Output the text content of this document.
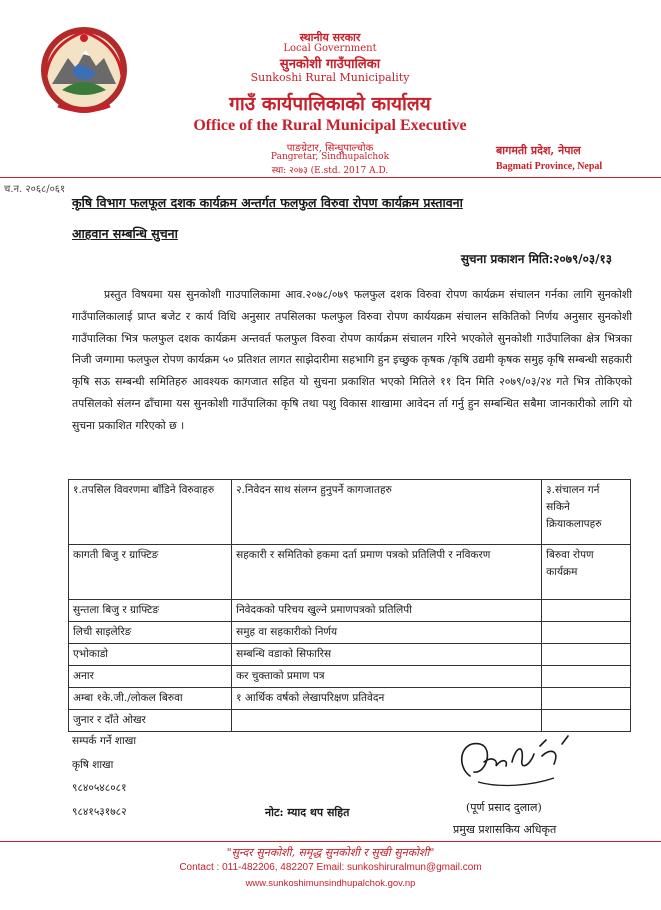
स्थानीय सरकार
Local Government
सुनकोशी गाउँपालिका
Sunkoshi Rural Municipality
गाउँ कार्यपालिकाको कार्यालय
Office of the Rural Municipal Executive
पाङग्रेटार, सिन्धुपाल्चोक
Pangretar, Sindhupalchok
स्था: २०७३ (E.std. 2017 A.D.
बागमती प्रदेश, नेपाल
Bagmati Province, Nepal
च.न. २०६८/०६१
कृषि विभाग फलफूल दशक कार्यक्रम अन्तर्गत फलफुल विरुवा रोपण कार्यक्रम प्रस्तावना
आहवान सम्बन्धि सुचना
सुचना प्रकाशन मिति:२०७९/०३/१३

प्रस्तुत विषयमा यस सुनकोशी गाउपालिकामा आव.२०७८/०७९ फलफुल दशक विरुवा रोपण कार्यक्रम संचालन गर्नका लागि सुनकोशी गाउँपालिकालाई प्राप्त बजेट र कार्य विधि अनुसार तपसिलका फलफुल विरुवा रोपण कार्ययक्रम संचालन सकितिको निर्णय अनुसार सुनकोशी गाउँपालिका भित्र फलफुल दशक कार्यक्रम अन्तवर्त फलफुल विरुवा रोपण कार्यक्रम संचालन गरिने भएकोले सुनकोशी गाउँपालिका क्षेत्र भित्रका निजी जग्गामा फलफुल रोपण कार्यक्रम ५० प्रतिशत लागत साझेदारीमा सहभागि हुन इच्छुक कृषक /कृषि उद्यमी कृषक समुह कृषि सम्बन्धी सहकारी कृषि सऊ सम्बन्धी समितिहरु आवश्यक कागजात सहित यो सुचना प्रकाशित भएको मितिले ११ दिन मिति २०७९/०३/२४ गते भित्र तोकिएको तपसिलको संलग्न ढाँचामा यस सुनकोशी गाउँपालिका कृषि तथा पशु विकास शाखामा आवेदन र्ता गर्नु हुन सम्बन्धित सबैमा जानकारीको लागि यो सुचना प्रकाशित गरिएको छ ।

१.तपसिल विवरणमा बाँडिने विरुवाहरु	२.निवेदन साथ संलग्न हुनुपर्ने कागजातहरु	३.संचालन गर्न सकिने क्रियाकलापहरु
कागती बिजु र ग्राफ्टिङ	सहकारी र समितिको हकमा दर्ता प्रमाण पत्रको प्रतिलिपी र नविकरण	बिरुवा रोपण कार्यक्रम
सुन्तला बिजु र ग्राफ्टिङ	निवेदकको परिचय खुल्ने प्रमाणपत्रको प्रतिलिपी	
लिची साइलेरिङ	समुह वा सहकारीको निर्णय	
एभोकाडो	सम्बन्धि वडाको सिफारिस	
अनार	कर चुक्ताको प्रमाण पत्र	
अम्बा १के.जी./लोकल बिरुवा	१ आर्थिक वर्षको लेखापरिक्षण प्रतिवेदन	
जुनार र दाँते ओखर		
सम्पर्क गर्ने शाखा
कृषि शाखा
९८४०५४८०८१
९८४१५३१७८२	नोट: म्याद थप सहित	(पूर्ण प्रसाद दुलाल)
प्रमुख प्रशासकिय अधिकृत
"सुन्दर सुनकोशी, समृद्ध सुनकोशी र सुखी सुनकोशी"
Contact : 011-482206, 482207 Email: sunkoshiruralmun@gmail.com
www.sunkoshimunsindhupalchok.gov.np
